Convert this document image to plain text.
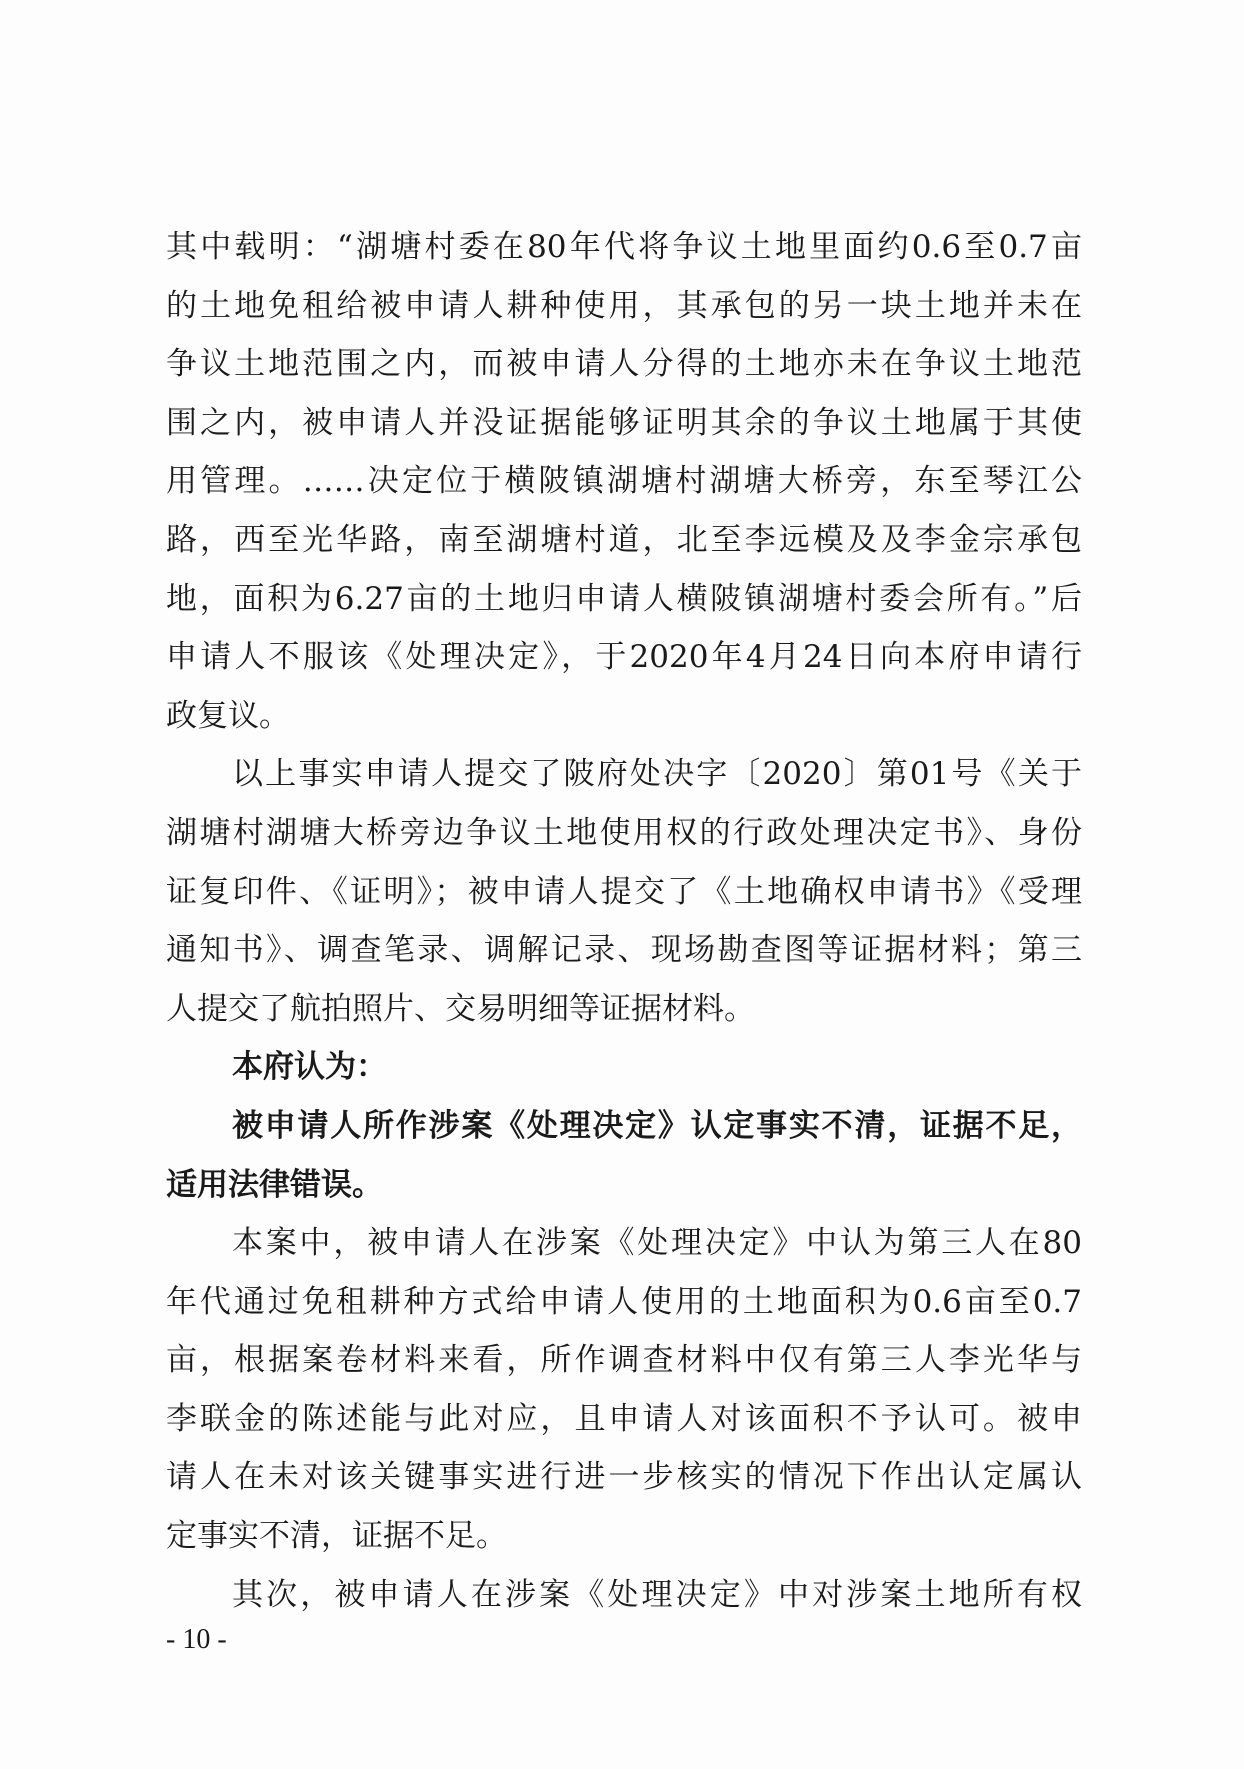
其中载明：“湖塘村委在80年代将争议土地里面约0.6至0.7亩
的土地免租给被申请人耕种使用，其承包的另一块土地并未在
争议土地范围之内，而被申请人分得的土地亦未在争议土地范
围之内，被申请人并没证据能够证明其余的争议土地属于其使
用管理。……决定位于横陂镇湖塘村湖塘大桥旁，东至琴江公
路，西至光华路，南至湖塘村道，北至李远模及及李金宗承包
地，面积为6.27亩的土地归申请人横陂镇湖塘村委会所有。”后
申请人不服该《处理决定》，于2020年4月24日向本府申请行
政复议。
以上事实申请人提交了陂府处决字〔2020〕第01号《关于
湖塘村湖塘大桥旁边争议土地使用权的行政处理决定书》、身份
证复印件、《证明》；被申请人提交了《土地确权申请书》《受理
通知书》、调查笔录、调解记录、现场勘查图等证据材料；第三
人提交了航拍照片、交易明细等证据材料。
本府认为：
被申请人所作涉案《处理决定》认定事实不清，证据不足，
适用法律错误。
本案中，被申请人在涉案《处理决定》中认为第三人在80
年代通过免租耕种方式给申请人使用的土地面积为0.6亩至0.7
亩，根据案卷材料来看，所作调查材料中仅有第三人李光华与
李联金的陈述能与此对应，且申请人对该面积不予认可。被申
请人在未对该关键事实进行进一步核实的情况下作出认定属认
定事实不清，证据不足。
其次，被申请人在涉案《处理决定》中对涉案土地所有权
- 10 -
